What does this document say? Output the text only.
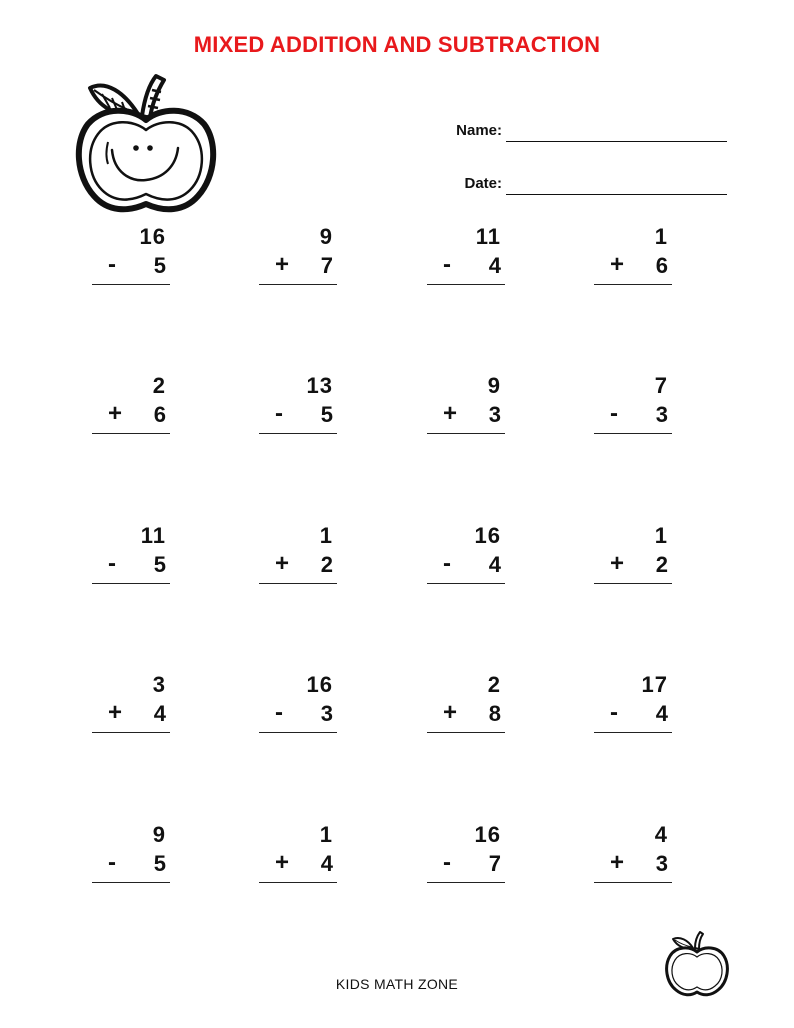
MIXED ADDITION AND SUBTRACTION
Name:
Date:
16
- 5
9
+ 7
11
- 4
1
+ 6
2
+ 6
13
- 5
9
+ 3
7
- 3
11
- 5
1
+ 2
16
- 4
1
+ 2
3
+ 4
16
- 3
2
+ 8
17
- 4
9
- 5
1
+ 4
16
- 7
4
+ 3
KIDS MATH ZONE
